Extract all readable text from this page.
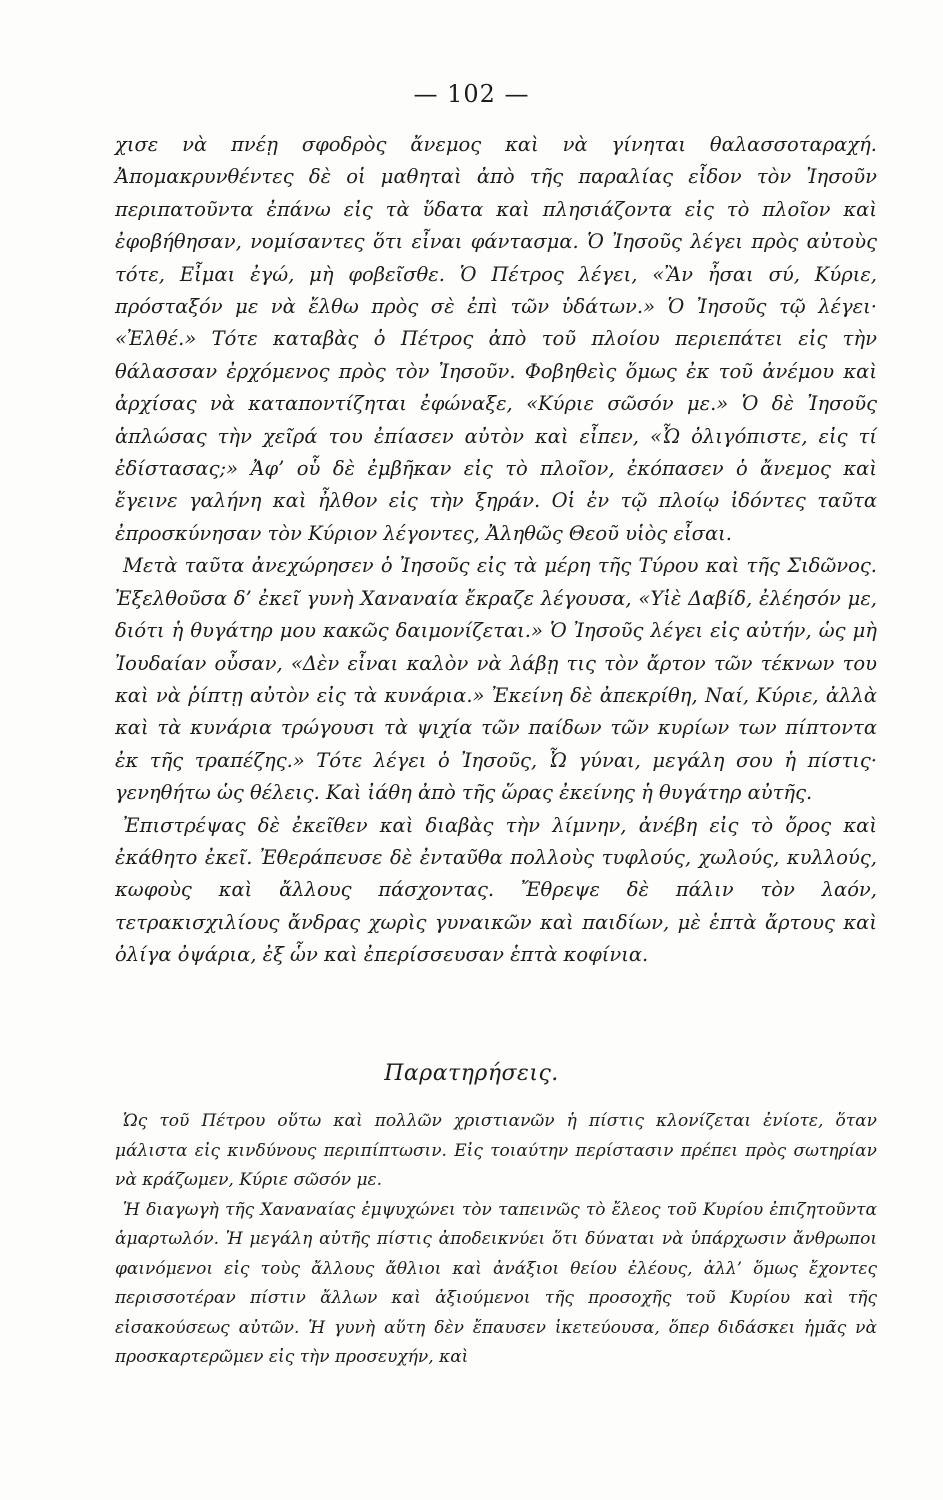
— 102 —

χισε νὰ πνέῃ σφοδρὸς ἄνεμος καὶ νὰ γίνηται θαλασσοταραχή. Ἀπομακρυνθέντες δὲ οἱ μαθηταὶ ἀπὸ τῆς παραλίας εἶδον τὸν Ἰησοῦν περιπατοῦντα ἐπάνω εἰς τὰ ὕδατα καὶ πλησιάζοντα εἰς τὸ πλοῖον καὶ ἐφοβήθησαν, νομίσαντες ὅτι εἶναι φάντασμα. Ὁ Ἰησοῦς λέγει πρὸς αὐτοὺς τότε, Εἶμαι ἐγώ, μὴ φοβεῖσθε. Ὁ Πέτρος λέγει, «Ἂν ἦσαι σύ, Κύριε, πρόσταξόν με νὰ ἔλθω πρὸς σὲ ἐπὶ τῶν ὑδάτων.» Ὁ Ἰησοῦς τῷ λέγει· «Ἐλθέ.» Τότε καταβὰς ὁ Πέτρος ἀπὸ τοῦ πλοίου περιεπάτει εἰς τὴν θάλασσαν ἐρχόμενος πρὸς τὸν Ἰησοῦν. Φοβηθεὶς ὅμως ἐκ τοῦ ἀνέμου καὶ ἀρχίσας νὰ καταποντίζηται ἐφώναξε, «Κύριε σῶσόν με.» Ὁ δὲ Ἰησοῦς ἁπλώσας τὴν χεῖρά του ἐπίασεν αὐτὸν καὶ εἶπεν, «Ὦ ὀλιγόπιστε, εἰς τί ἐδίστασας;» Ἀφ’ οὗ δὲ ἐμβῆκαν εἰς τὸ πλοῖον, ἐκόπασεν ὁ ἄνεμος καὶ ἔγεινε γαλήνη καὶ ἦλθον εἰς τὴν ξηράν. Οἱ ἐν τῷ πλοίῳ ἰδόντες ταῦτα ἐπροσκύνησαν τὸν Κύριον λέγοντες, Ἀληθῶς Θεοῦ υἱὸς εἶσαι.

Μετὰ ταῦτα ἀνεχώρησεν ὁ Ἰησοῦς εἰς τὰ μέρη τῆς Τύρου καὶ τῆς Σιδῶνος. Ἐξελθοῦσα δ’ ἐκεῖ γυνὴ Χαναναία ἔκραζε λέγουσα, «Υἱὲ Δαβίδ, ἐλέησόν με, διότι ἡ θυγάτηρ μου κακῶς δαιμονίζεται.» Ὁ Ἰησοῦς λέγει εἰς αὐτήν, ὡς μὴ Ἰουδαίαν οὖσαν, «Δὲν εἶναι καλὸν νὰ λάβῃ τις τὸν ἄρτον τῶν τέκνων του καὶ νὰ ῥίπτῃ αὐτὸν εἰς τὰ κυνάρια.» Ἐκείνη δὲ ἀπεκρίθη, Ναί, Κύριε, ἀλλὰ καὶ τὰ κυνάρια τρώγουσι τὰ ψιχία τῶν παίδων τῶν κυρίων των πίπτοντα ἐκ τῆς τραπέζης.» Τότε λέγει ὁ Ἰησοῦς, Ὦ γύναι, μεγάλη σου ἡ πίστις· γενηθήτω ὡς θέλεις. Καὶ ἰάθη ἀπὸ τῆς ὥρας ἐκείνης ἡ θυγάτηρ αὐτῆς.

Ἐπιστρέψας δὲ ἐκεῖθεν καὶ διαβὰς τὴν λίμνην, ἀνέβη εἰς τὸ ὄρος καὶ ἐκάθητο ἐκεῖ. Ἐθεράπευσε δὲ ἐνταῦθα πολλοὺς τυφλούς, χωλούς, κυλλούς, κωφοὺς καὶ ἄλλους πάσχοντας. Ἔθρεψε δὲ πάλιν τὸν λαόν, τετρακισχιλίους ἄνδρας χωρὶς γυναικῶν καὶ παιδίων, μὲ ἑπτὰ ἄρτους καὶ ὀλίγα ὀψάρια, ἐξ ὧν καὶ ἐπερίσσευσαν ἑπτὰ κοφίνια.

Παρατηρήσεις.

Ὡς τοῦ Πέτρου οὕτω καὶ πολλῶν χριστιανῶν ἡ πίστις κλονίζεται ἐνίοτε, ὅταν μάλιστα εἰς κινδύνους περιπίπτωσιν. Εἰς τοιαύτην περίστασιν πρέπει πρὸς σωτηρίαν νὰ κράζωμεν, Κύριε σῶσόν με.

Ἡ διαγωγὴ τῆς Χαναναίας ἐμψυχώνει τὸν ταπεινῶς τὸ ἔλεος τοῦ Κυρίου ἐπιζητοῦντα ἁμαρτωλόν. Ἡ μεγάλη αὐτῆς πίστις ἀποδεικνύει ὅτι δύναται νὰ ὑπάρχωσιν ἄνθρωποι φαινόμενοι εἰς τοὺς ἄλλους ἄθλιοι καὶ ἀνάξιοι θείου ἐλέους, ἀλλ’ ὅμως ἔχοντες περισσοτέραν πίστιν ἄλλων καὶ ἀξιούμενοι τῆς προσοχῆς τοῦ Κυρίου καὶ τῆς εἰσακούσεως αὐτῶν. Ἡ γυνὴ αὕτη δὲν ἔπαυσεν ἱκετεύουσα, ὅπερ διδάσκει ἡμᾶς νὰ προσκαρτερῶμεν εἰς τὴν προσευχήν, καὶ
